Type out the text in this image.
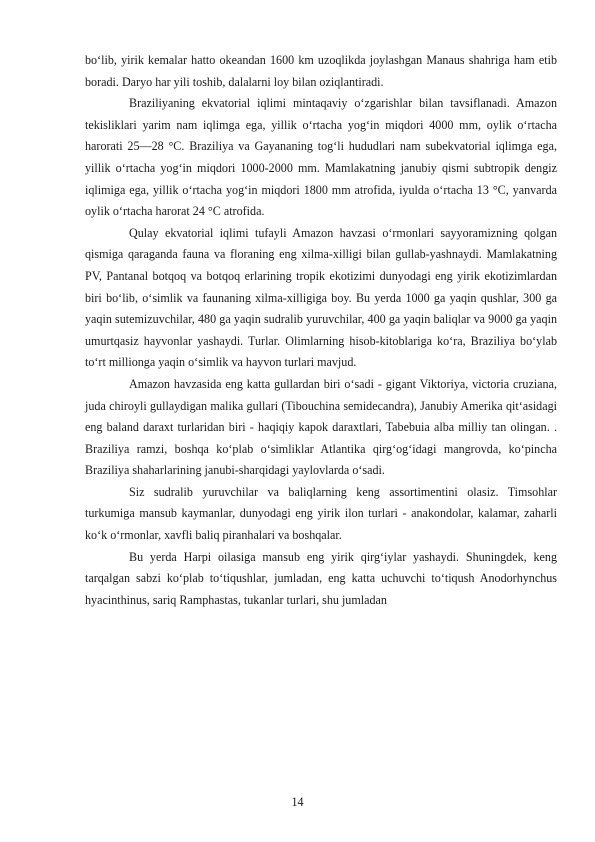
bo‘lib, yirik kemalar hatto okeandan 1600 km uzoqlikda joylashgan Manaus shahriga ham etib boradi. Daryo har yili toshib, dalalarni loy bilan oziqlantiradi.

Braziliyaning ekvatorial iqlimi mintaqaviy o‘zgarishlar bilan tavsiflanadi. Amazon tekisliklari yarim nam iqlimga ega, yillik o‘rtacha yog‘in miqdori 4000 mm, oylik o‘rtacha harorati 25—28 °C. Braziliya va Gayananing tog‘li hududlari nam subekvatorial iqlimga ega, yillik o‘rtacha yog‘in miqdori 1000-2000 mm. Mamlakatning janubiy qismi subtropik dengiz iqlimiga ega, yillik o‘rtacha yog‘in miqdori 1800 mm atrofida, iyulda o‘rtacha 13 °C, yanvarda oylik o‘rtacha harorat 24 °C atrofida.

Qulay ekvatorial iqlimi tufayli Amazon havzasi o‘rmonlari sayyoramizning qolgan qismiga qaraganda fauna va floraning eng xilma-xilligi bilan gullab-yashnaydi. Mamlakatning PV, Pantanal botqoq va botqoq erlarining tropik ekotizimi dunyodagi eng yirik ekotizimlardan biri bo‘lib, o‘simlik va faunaning xilma-xilligiga boy. Bu yerda 1000 ga yaqin qushlar, 300 ga yaqin sutemizuvchilar, 480 ga yaqin sudralib yuruvchilar, 400 ga yaqin baliqlar va 9000 ga yaqin umurtqasiz hayvonlar yashaydi. Turlar. Olimlarning hisob-kitoblariga ko‘ra, Braziliya bo‘ylab to‘rt millionga yaqin o‘simlik va hayvon turlari mavjud.

Amazon havzasida eng katta gullardan biri o‘sadi - gigant Viktoriya, victoria cruziana, juda chiroyli gullaydigan malika gullari (Tibouchina semidecandra), Janubiy Amerika qit‘asidagi eng baland daraxt turlaridan biri - haqiqiy kapok daraxtlari, Tabebuia alba milliy tan olingan. . Braziliya ramzi, boshqa ko‘plab o‘simliklar Atlantika qirg‘og‘idagi mangrovda, ko‘pincha Braziliya shaharlarining janubi-sharqidagi yaylovlarda o‘sadi.

Siz sudralib yuruvchilar va baliqlarning keng assortimentini olasiz. Timsohlar turkumiga mansub kaymanlar, dunyodagi eng yirik ilon turlari - anakondolar, kalamar, zaharli ko‘k o‘rmonlar, xavfli baliq piranhalari va boshqalar.

Bu yerda Harpi oilasiga mansub eng yirik qirg‘iylar yashaydi. Shuningdek, keng tarqalgan sabzi ko‘plab to‘tiqushlar, jumladan, eng katta uchuvchi to‘tiqush Anodorhynchus hyacinthinus, sariq Ramphastas, tukanlar turlari, shu jumladan

14
